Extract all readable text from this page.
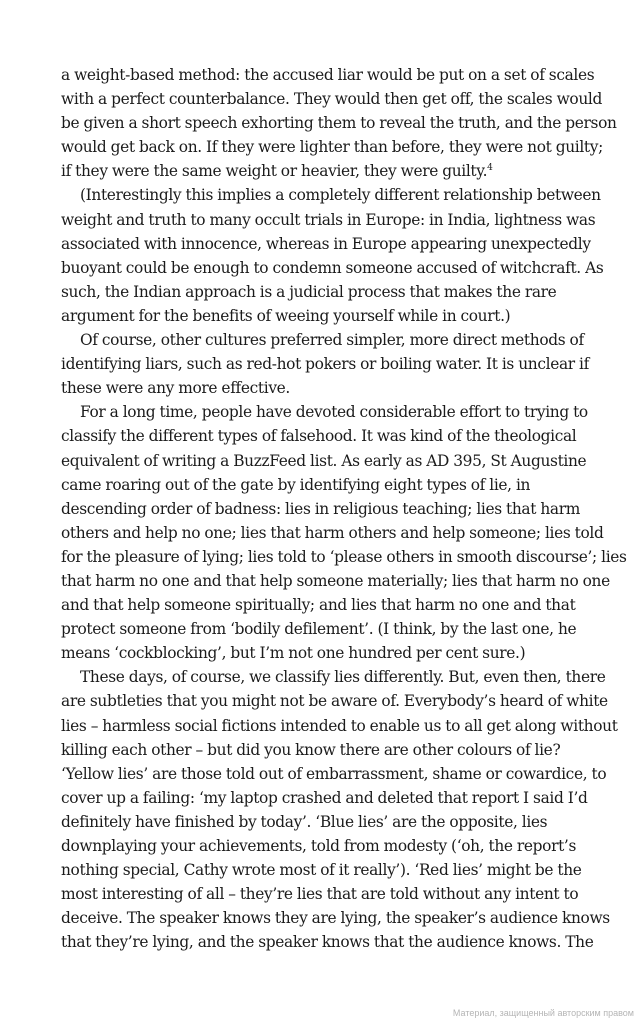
a weight-based method: the accused liar would be put on a set of scales
with a perfect counterbalance. They would then get off, the scales would
be given a short speech exhorting them to reveal the truth, and the person
would get back on. If they were lighter than before, they were not guilty;
if they were the same weight or heavier, they were guilty.$^4$
(Interestingly this implies a completely different relationship between
weight and truth to many occult trials in Europe: in India, lightness was
associated with innocence, whereas in Europe appearing unexpectedly
buoyant could be enough to condemn someone accused of witchcraft. As
such, the Indian approach is a judicial process that makes the rare
argument for the benefits of weeing yourself while in court.)
Of course, other cultures preferred simpler, more direct methods of
identifying liars, such as red-hot pokers or boiling water. It is unclear if
these were any more effective.
For a long time, people have devoted considerable effort to trying to
classify the different types of falsehood. It was kind of the theological
equivalent of writing a BuzzFeed list. As early as AD 395, St Augustine
came roaring out of the gate by identifying eight types of lie, in
descending order of badness: lies in religious teaching; lies that harm
others and help no one; lies that harm others and help someone; lies told
for the pleasure of lying; lies told to ‘please others in smooth discourse’; lies
that harm no one and that help someone materially; lies that harm no one
and that help someone spiritually; and lies that harm no one and that
protect someone from ‘bodily defilement’. (I think, by the last one, he
means ‘cockblocking’, but I’m not one hundred per cent sure.)
These days, of course, we classify lies differently. But, even then, there
are subtleties that you might not be aware of. Everybody’s heard of white
lies – harmless social fictions intended to enable us to all get along without
killing each other – but did you know there are other colours of lie?
‘Yellow lies’ are those told out of embarrassment, shame or cowardice, to
cover up a failing: ‘my laptop crashed and deleted that report I said I’d
definitely have finished by today’. ‘Blue lies’ are the opposite, lies
downplaying your achievements, told from modesty (‘oh, the report’s
nothing special, Cathy wrote most of it really’). ‘Red lies’ might be the
most interesting of all – they’re lies that are told without any intent to
deceive. The speaker knows they are lying, the speaker’s audience knows
that they’re lying, and the speaker knows that the audience knows. The
Материал, защищенный авторским правом
